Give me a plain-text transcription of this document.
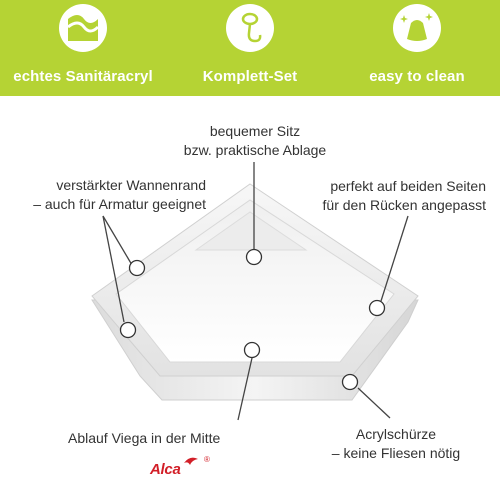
echtes Sanitäracryl	Komplett-Set	easy to clean
bequemer Sitz
bzw. praktische Ablage
verstärkter Wannenrand
– auch für Armatur geeignet
perfekt auf beiden Seiten
für den Rücken angepasst
Ablauf Viega in der Mitte	Acrylschürze
– keine Fliesen nötig
Alca
®
